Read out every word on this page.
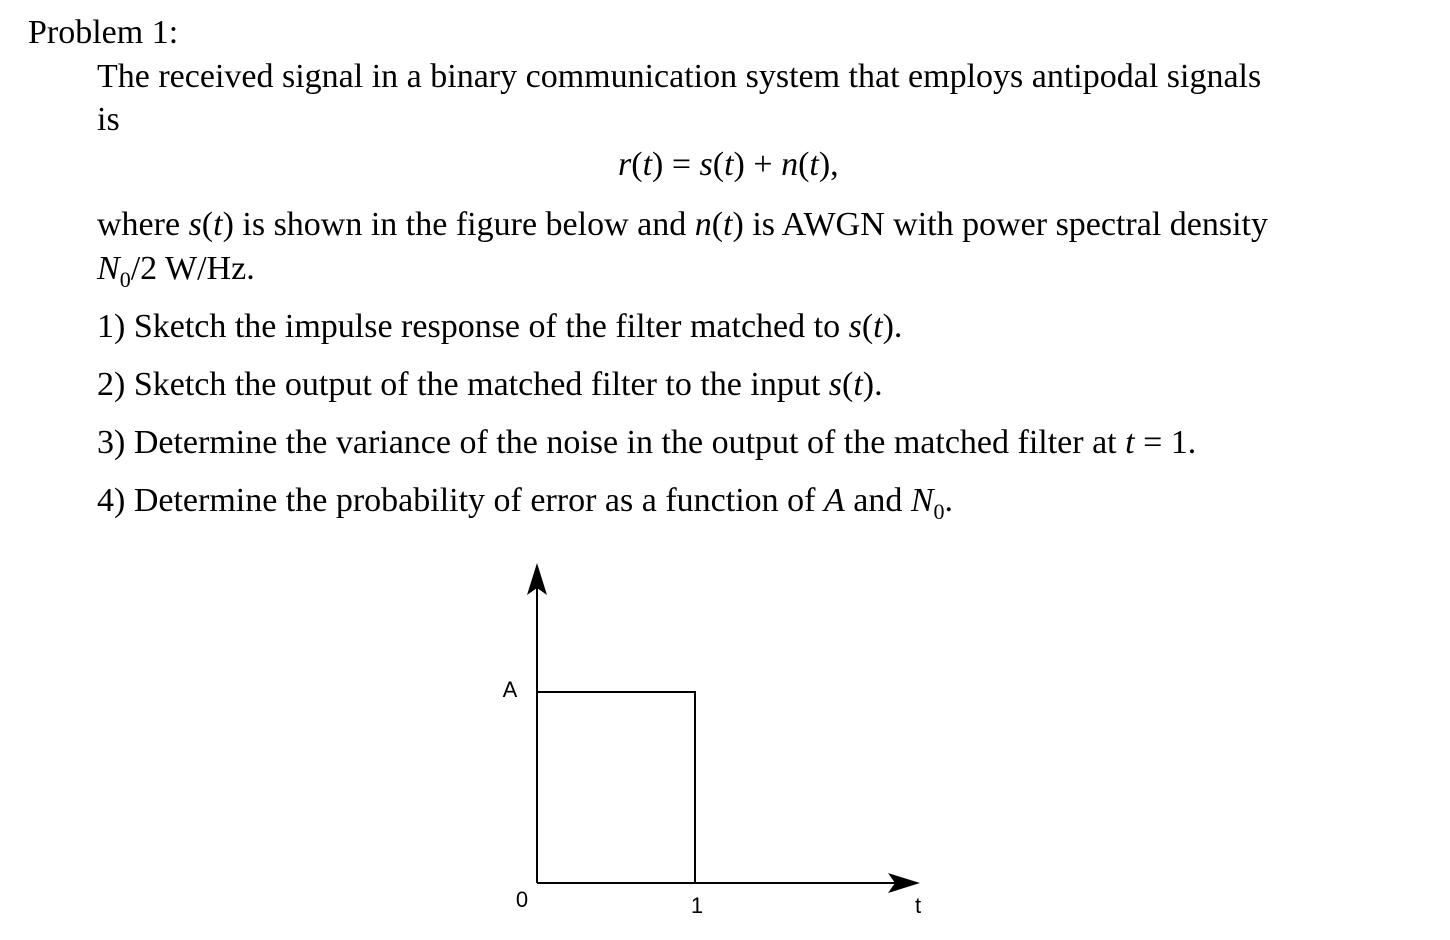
Problem 1:
The received signal in a binary communication system that employs antipodal signals
is
r(t) = s(t) + n(t),
where s(t) is shown in the figure below and n(t) is AWGN with power spectral density
$N_0/2$ W/Hz.
1) Sketch the impulse response of the filter matched to s(t).
2) Sketch the output of the matched filter to the input s(t).
3) Determine the variance of the noise in the output of the matched filter at t = 1.
4) Determine the probability of error as a function of A and $N_0$.
A
0	1	t
